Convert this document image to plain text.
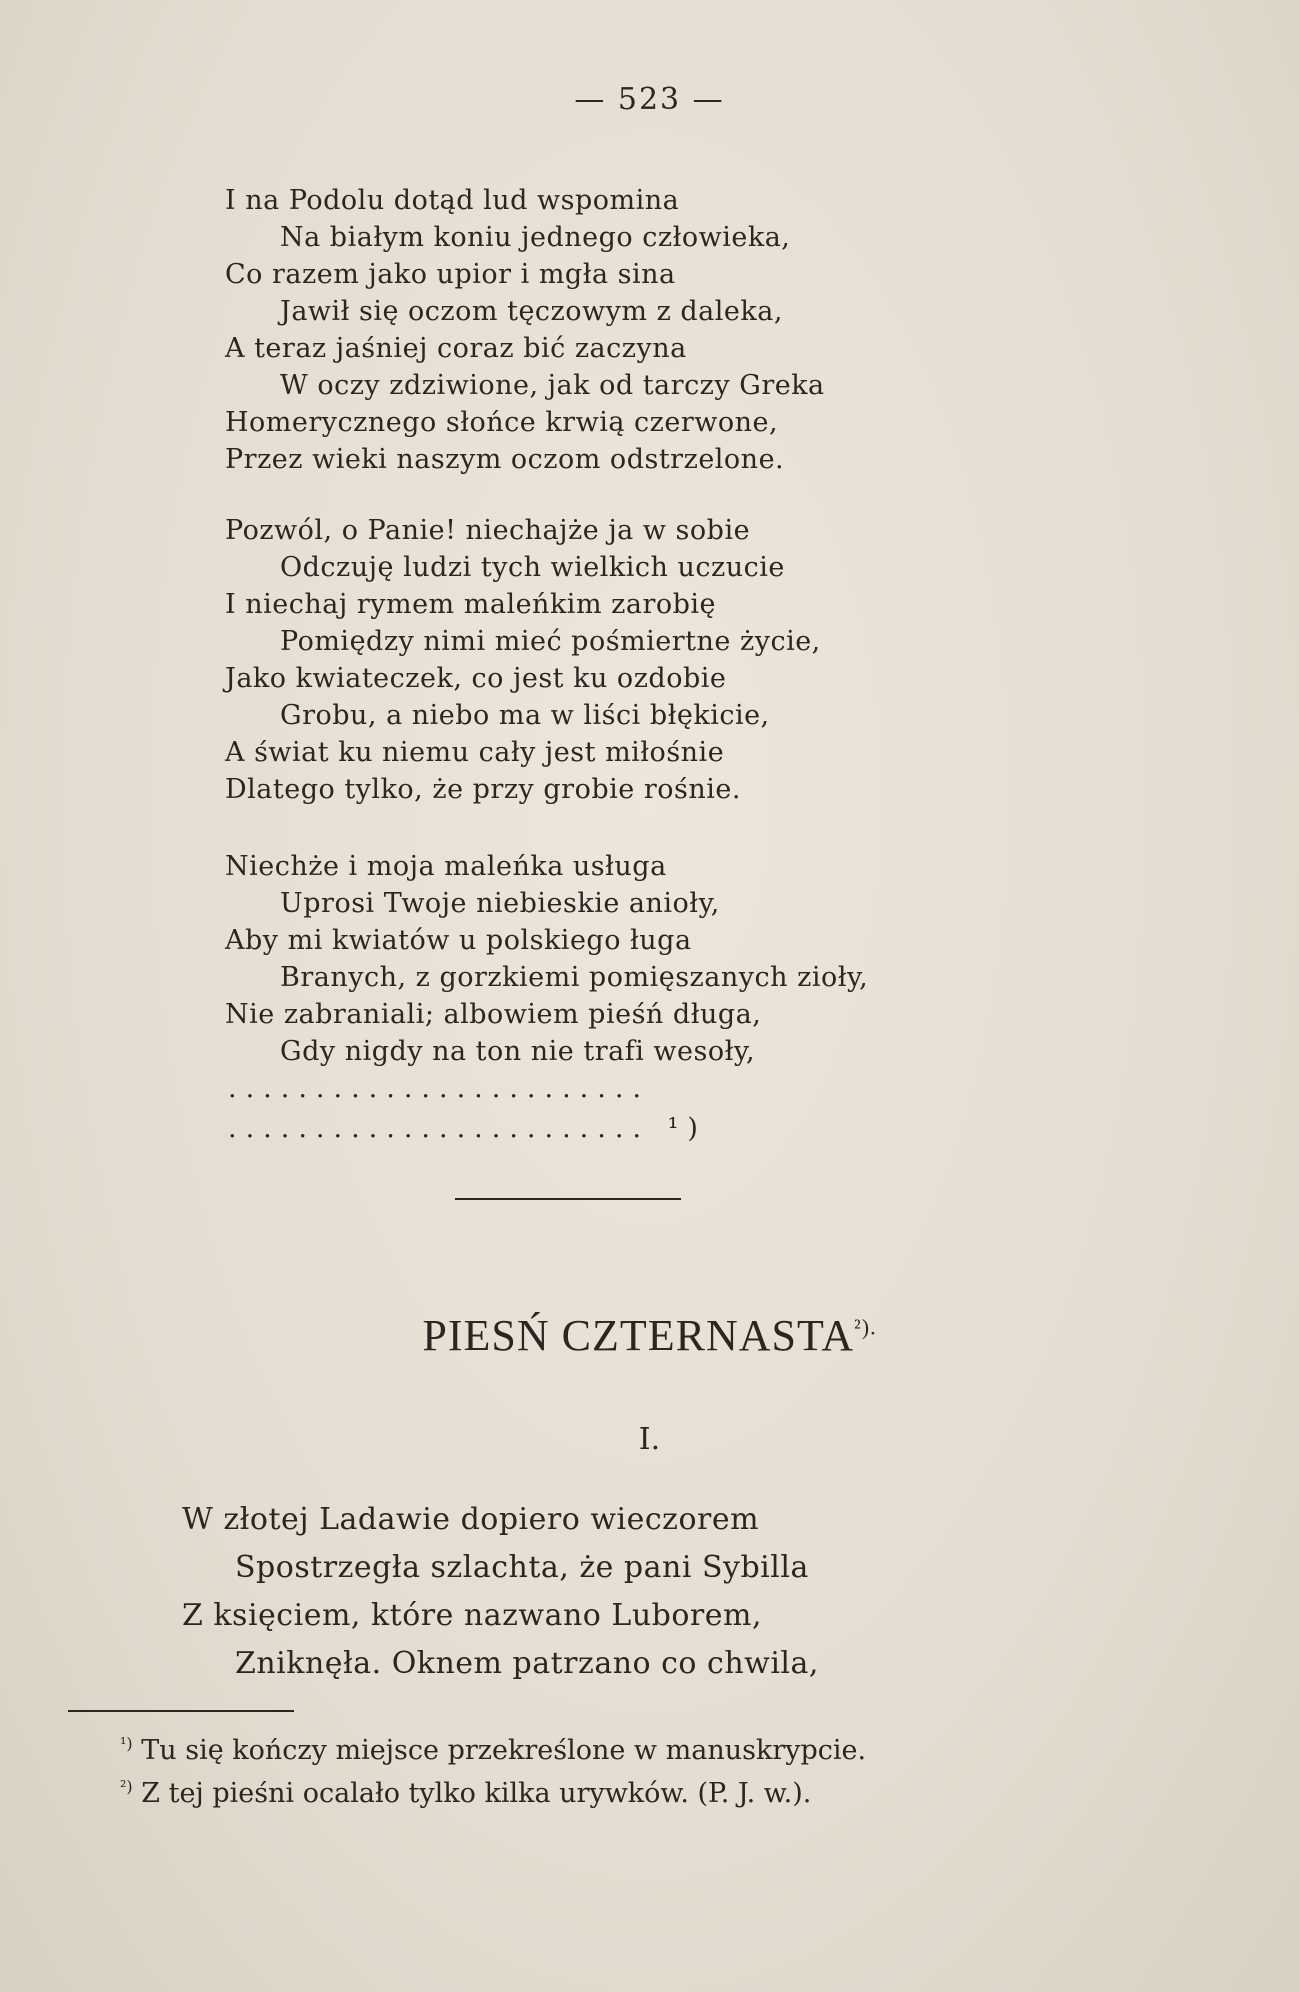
— 523 —
I na Podolu dotąd lud wspomina
Na białym koniu jednego człowieka,
Co razem jako upior i mgła sina
Jawił się oczom tęczowym z daleka,
A teraz jaśniej coraz bić zaczyna
W oczy zdziwione, jak od tarczy Greka
Homerycznego słońce krwią czerwone,
Przez wieki naszym oczom odstrzelone.
Pozwól, o Panie! niechajże ja w sobie
Odczuję ludzi tych wielkich uczucie
I niechaj rymem maleńkim zarobię
Pomiędzy nimi mieć pośmiertne życie,
Jako kwiateczek, co jest ku ozdobie
Grobu, a niebo ma w liści błękicie,
A świat ku niemu cały jest miłośnie
Dlatego tylko, że przy grobie rośnie.
Niechże i moja maleńka usługa
Uprosi Twoje niebieskie anioły,
Aby mi kwiatów u polskiego ługa
Branych, z gorzkiemi pomięszanych zioły,
Nie zabraniali; albowiem pieśń długa,
Gdy nigdy na ton nie trafi wesoły,
........................
........................ ¹)
PIESŃ $CZTERNASTA^{^2).}$
I.
W złotej Ladawie dopiero wieczorem
Spostrzegła szlachta, że pani Sybilla
Z księciem, które nazwano Luborem,
Zniknęła. Oknem patrzano co chwila,
$^{^1)}$ Tu się kończy miejsce przekreślone w manuskrypcie.
$^{^2)}$ Z tej pieśni ocalało tylko kilka urywków. (P. J. w.).
